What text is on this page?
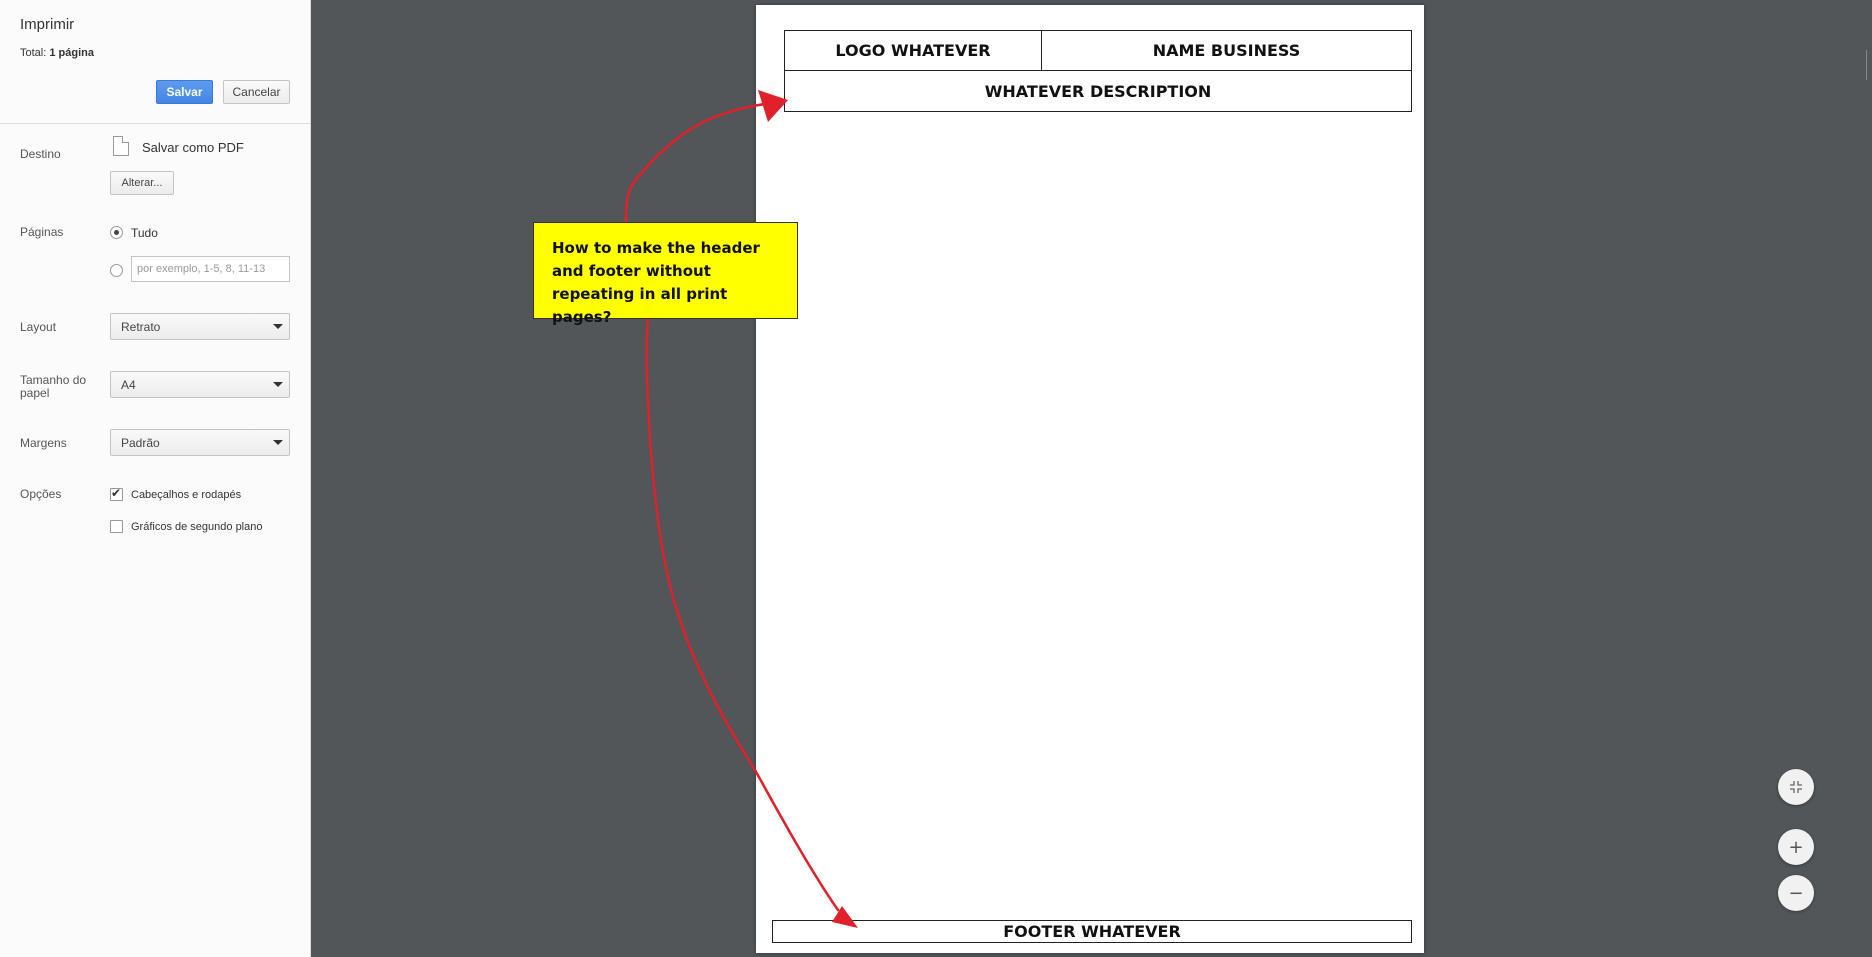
Imprimir
Total: 1 página
Salvar	Cancelar
Destino	Salvar como PDF
Alterar...
Páginas	Tudo
por exemplo, 1-5, 8, 11-13
Layout	Retrato
Tamanho do
papel
A4
Margens	Padrão
Opções	✔ Cabeçalhos e rodapés
Gráficos de segundo plano
LOGO WHATEVER	NAME BUSINESS
WHATEVER DESCRIPTION
FOOTER WHATEVER
How to make the header and footer without repeating in all print pages?
+
−
